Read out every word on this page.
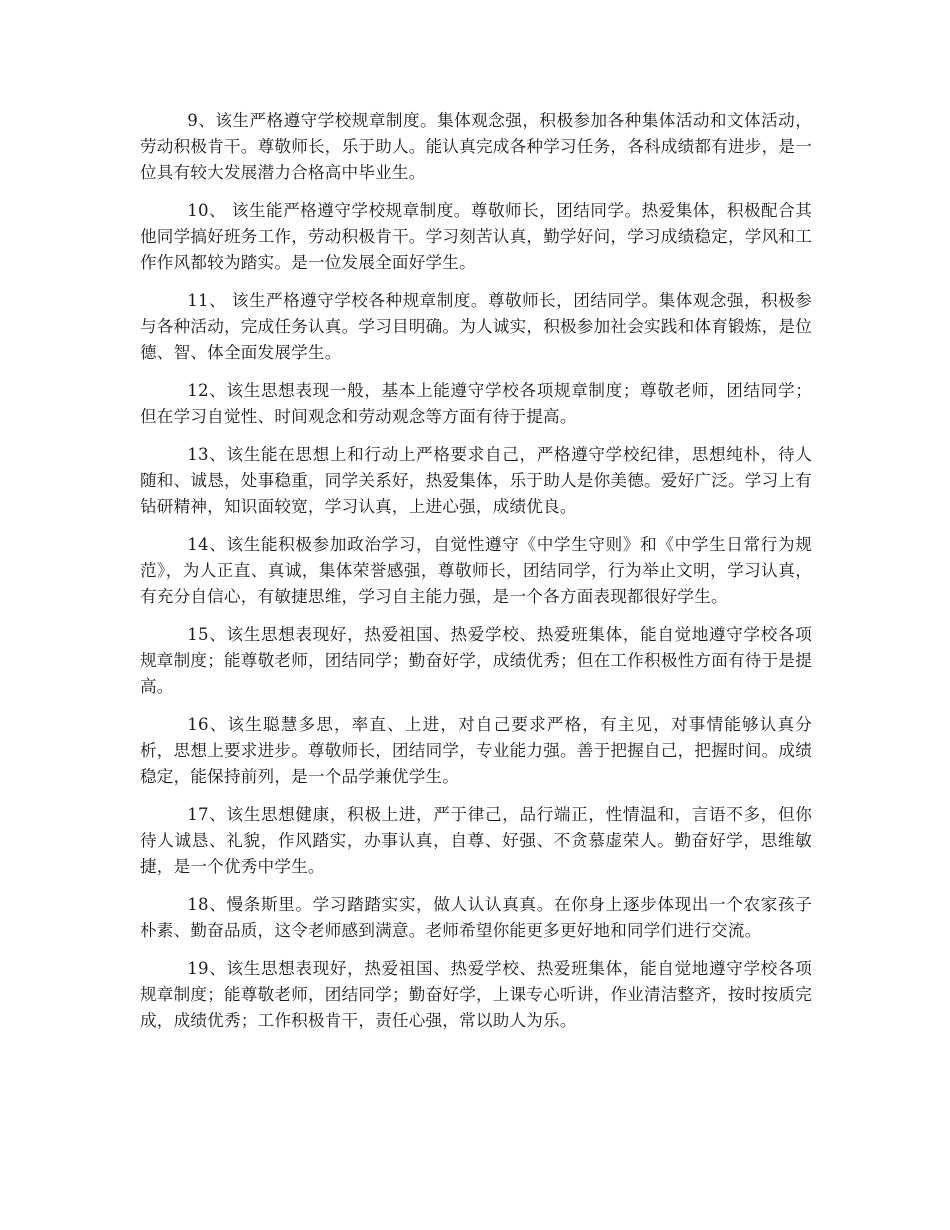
9、该生严格遵守学校规章制度。集体观念强，积极参加各种集体活动和文体活动，劳动积极肯干。尊敬师长，乐于助人。能认真完成各种学习任务，各科成绩都有进步，是一位具有较大发展潜力合格高中毕业生。

10、 该生能严格遵守学校规章制度。尊敬师长，团结同学。热爱集体，积极配合其他同学搞好班务工作，劳动积极肯干。学习刻苦认真，勤学好问，学习成绩稳定，学风和工作作风都较为踏实。是一位发展全面好学生。

11、 该生严格遵守学校各种规章制度。尊敬师长，团结同学。集体观念强，积极参与各种活动，完成任务认真。学习目明确。为人诚实，积极参加社会实践和体育锻炼，是位德、智、体全面发展学生。

12、该生思想表现一般，基本上能遵守学校各项规章制度；尊敬老师，团结同学；但在学习自觉性、时间观念和劳动观念等方面有待于提高。

13、该生能在思想上和行动上严格要求自己，严格遵守学校纪律，思想纯朴，待人随和、诚恳，处事稳重，同学关系好，热爱集体，乐于助人是你美德。爱好广泛。学习上有钻研精神，知识面较宽，学习认真，上进心强，成绩优良。

14、该生能积极参加政治学习，自觉性遵守《中学生守则》和《中学生日常行为规范》，为人正直、真诚，集体荣誉感强，尊敬师长，团结同学，行为举止文明，学习认真，有充分自信心，有敏捷思维，学习自主能力强，是一个各方面表现都很好学生。

15、该生思想表现好，热爱祖国、热爱学校、热爱班集体，能自觉地遵守学校各项规章制度；能尊敬老师，团结同学；勤奋好学，成绩优秀；但在工作积极性方面有待于是提高。

16、该生聪慧多思，率直、上进，对自己要求严格，有主见，对事情能够认真分析，思想上要求进步。尊敬师长，团结同学，专业能力强。善于把握自己，把握时间。成绩稳定，能保持前列，是一个品学兼优学生。

17、该生思想健康，积极上进，严于律己，品行端正，性情温和，言语不多，但你待人诚恳、礼貌，作风踏实，办事认真，自尊、好强、不贪慕虚荣人。勤奋好学，思维敏捷，是一个优秀中学生。

18、慢条斯里。学习踏踏实实，做人认认真真。在你身上逐步体现出一个农家孩子朴素、勤奋品质，这令老师感到满意。老师希望你能更多更好地和同学们进行交流。

19、该生思想表现好，热爱祖国、热爱学校、热爱班集体，能自觉地遵守学校各项规章制度；能尊敬老师，团结同学；勤奋好学，上课专心听讲，作业清洁整齐，按时按质完成，成绩优秀；工作积极肯干，责任心强，常以助人为乐。
